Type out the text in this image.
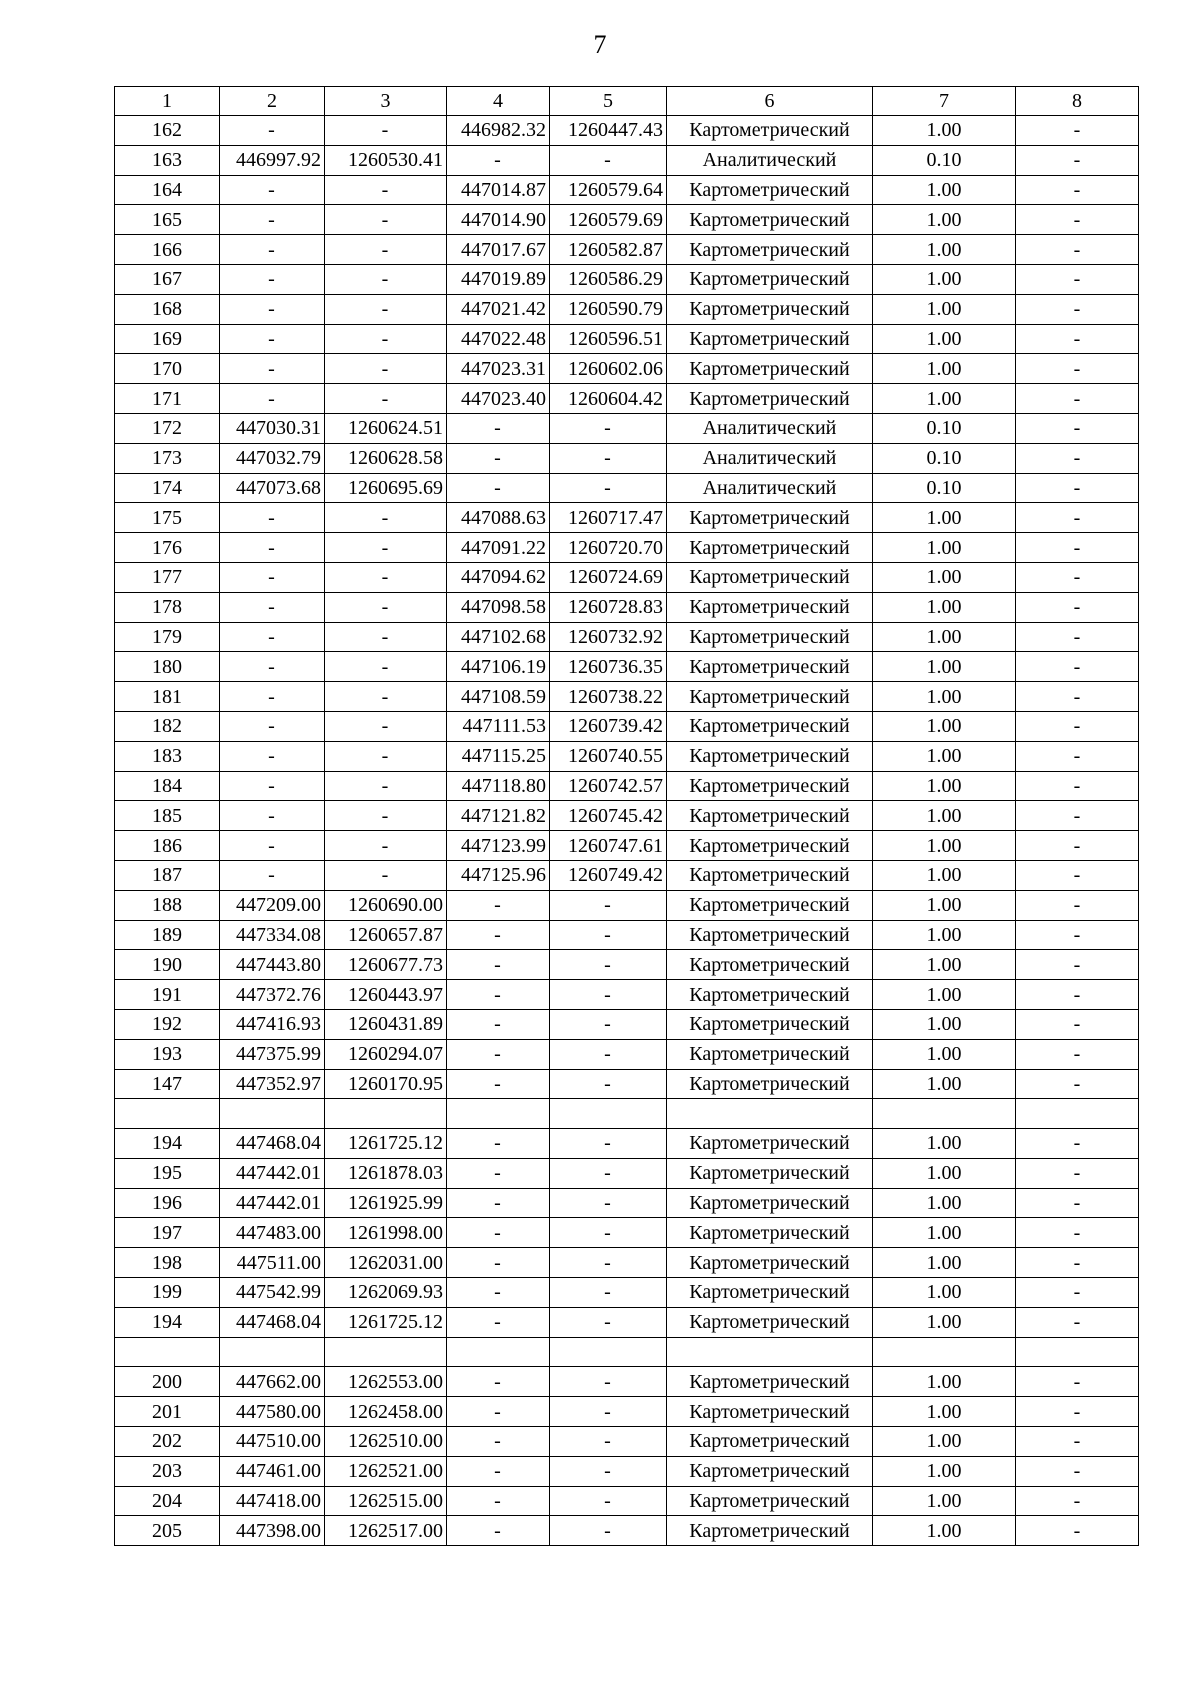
7
1	2	3	4	5	6	7	8
162	-	-	446982.32	1260447.43	Картометрический	1.00	-
163	446997.92	1260530.41	-	-	Аналитический	0.10	-
164	-	-	447014.87	1260579.64	Картометрический	1.00	-
165	-	-	447014.90	1260579.69	Картометрический	1.00	-
166	-	-	447017.67	1260582.87	Картометрический	1.00	-
167	-	-	447019.89	1260586.29	Картометрический	1.00	-
168	-	-	447021.42	1260590.79	Картометрический	1.00	-
169	-	-	447022.48	1260596.51	Картометрический	1.00	-
170	-	-	447023.31	1260602.06	Картометрический	1.00	-
171	-	-	447023.40	1260604.42	Картометрический	1.00	-
172	447030.31	1260624.51	-	-	Аналитический	0.10	-
173	447032.79	1260628.58	-	-	Аналитический	0.10	-
174	447073.68	1260695.69	-	-	Аналитический	0.10	-
175	-	-	447088.63	1260717.47	Картометрический	1.00	-
176	-	-	447091.22	1260720.70	Картометрический	1.00	-
177	-	-	447094.62	1260724.69	Картометрический	1.00	-
178	-	-	447098.58	1260728.83	Картометрический	1.00	-
179	-	-	447102.68	1260732.92	Картометрический	1.00	-
180	-	-	447106.19	1260736.35	Картометрический	1.00	-
181	-	-	447108.59	1260738.22	Картометрический	1.00	-
182	-	-	447111.53	1260739.42	Картометрический	1.00	-
183	-	-	447115.25	1260740.55	Картометрический	1.00	-
184	-	-	447118.80	1260742.57	Картометрический	1.00	-
185	-	-	447121.82	1260745.42	Картометрический	1.00	-
186	-	-	447123.99	1260747.61	Картометрический	1.00	-
187	-	-	447125.96	1260749.42	Картометрический	1.00	-
188	447209.00	1260690.00	-	-	Картометрический	1.00	-
189	447334.08	1260657.87	-	-	Картометрический	1.00	-
190	447443.80	1260677.73	-	-	Картометрический	1.00	-
191	447372.76	1260443.97	-	-	Картометрический	1.00	-
192	447416.93	1260431.89	-	-	Картометрический	1.00	-
193	447375.99	1260294.07	-	-	Картометрический	1.00	-
147	447352.97	1260170.95	-	-	Картометрический	1.00	-

194	447468.04	1261725.12	-	-	Картометрический	1.00	-
195	447442.01	1261878.03	-	-	Картометрический	1.00	-
196	447442.01	1261925.99	-	-	Картометрический	1.00	-
197	447483.00	1261998.00	-	-	Картометрический	1.00	-
198	447511.00	1262031.00	-	-	Картометрический	1.00	-
199	447542.99	1262069.93	-	-	Картометрический	1.00	-
194	447468.04	1261725.12	-	-	Картометрический	1.00	-

200	447662.00	1262553.00	-	-	Картометрический	1.00	-
201	447580.00	1262458.00	-	-	Картометрический	1.00	-
202	447510.00	1262510.00	-	-	Картометрический	1.00	-
203	447461.00	1262521.00	-	-	Картометрический	1.00	-
204	447418.00	1262515.00	-	-	Картометрический	1.00	-
205	447398.00	1262517.00	-	-	Картометрический	1.00	-
